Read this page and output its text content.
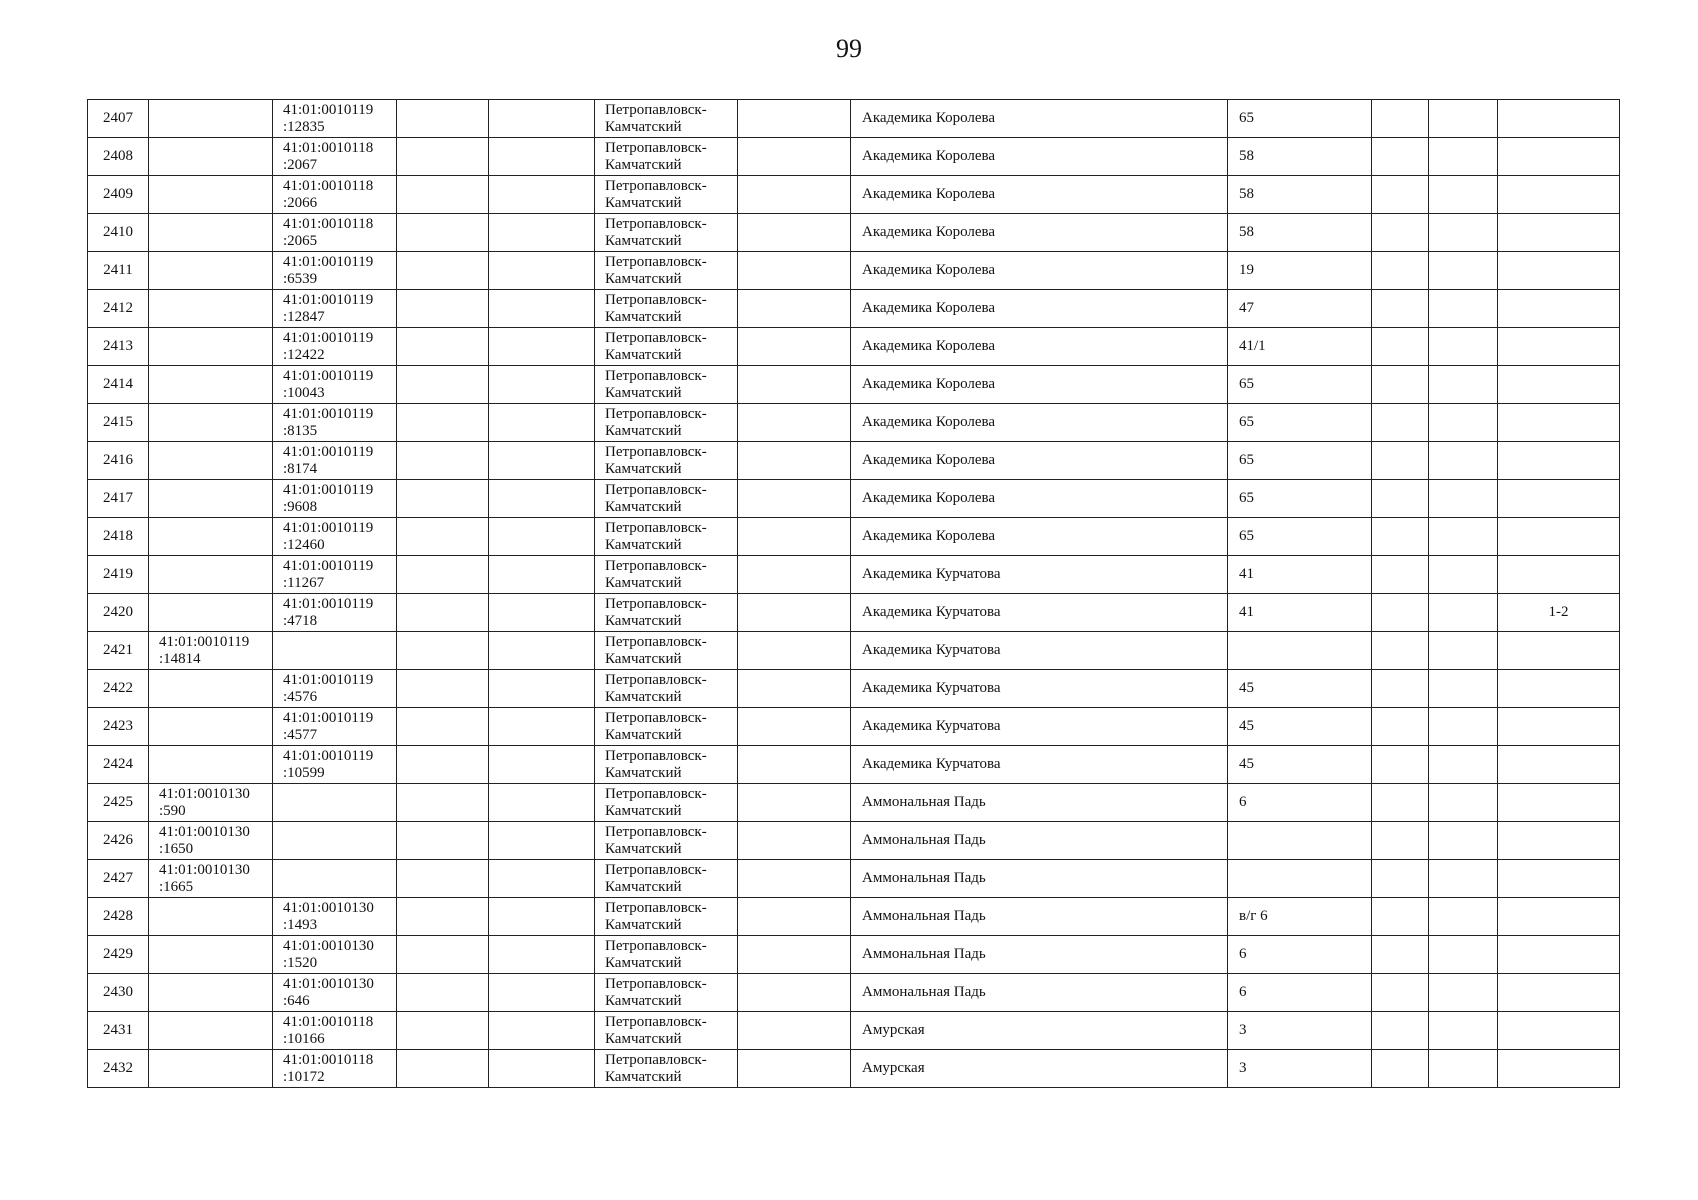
99
2407		41:01:0010119
:12835			Петропавловск-
Камчатский		Академика Королева	65			

2408		41:01:0010118
:2067			Петропавловск-
Камчатский		Академика Королева	58			

2409		41:01:0010118
:2066			Петропавловск-
Камчатский		Академика Королева	58			

2410		41:01:0010118
:2065			Петропавловск-
Камчатский		Академика Королева	58			

2411		41:01:0010119
:6539			Петропавловск-
Камчатский		Академика Королева	19			

2412		41:01:0010119
:12847			Петропавловск-
Камчатский		Академика Королева	47			

2413		41:01:0010119
:12422			Петропавловск-
Камчатский		Академика Королева	41/1			

2414		41:01:0010119
:10043			Петропавловск-
Камчатский		Академика Королева	65			

2415		41:01:0010119
:8135			Петропавловск-
Камчатский		Академика Королева	65			

2416		41:01:0010119
:8174			Петропавловск-
Камчатский		Академика Королева	65			

2417		41:01:0010119
:9608			Петропавловск-
Камчатский		Академика Королева	65			

2418		41:01:0010119
:12460			Петропавловск-
Камчатский		Академика Королева	65			

2419		41:01:0010119
:11267			Петропавловск-
Камчатский		Академика Курчатова	41			

2420		41:01:0010119
:4718			Петропавловск-
Камчатский		Академика Курчатова	41			1-2
2421	41:01:0010119
:14814				Петропавловск-
Камчатский		Академика Курчатова				

2422		41:01:0010119
:4576			Петропавловск-
Камчатский		Академика Курчатова	45			

2423		41:01:0010119
:4577			Петропавловск-
Камчатский		Академика Курчатова	45			

2424		41:01:0010119
:10599			Петропавловск-
Камчатский		Академика Курчатова	45			

2425	41:01:0010130
:590				Петропавловск-
Камчатский		Аммональная Падь	6			

2426	41:01:0010130
:1650				Петропавловск-
Камчатский		Аммональная Падь				

2427	41:01:0010130
:1665				Петропавловск-
Камчатский		Аммональная Падь				

2428		41:01:0010130
:1493			Петропавловск-
Камчатский		Аммональная Падь	в/г 6			

2429		41:01:0010130
:1520			Петропавловск-
Камчатский		Аммональная Падь	6			

2430		41:01:0010130
:646			Петропавловск-
Камчатский		Аммональная Падь	6			

2431		41:01:0010118
:10166			Петропавловск-
Камчатский		Амурская	3			

2432		41:01:0010118
:10172			Петропавловск-
Камчатский		Амурская	3			
